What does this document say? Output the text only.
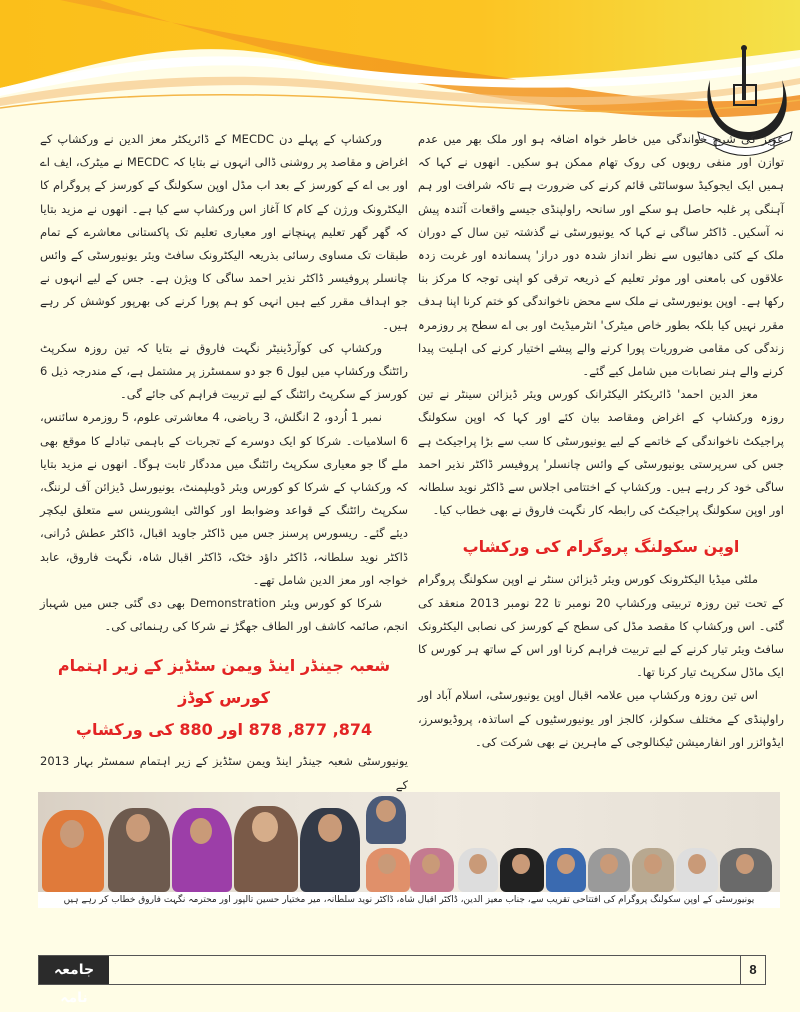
عزیز کی شرح خواندگی میں خاطر خواہ اضافہ ہو اور ملک بھر میں عدم توازن اور منفی رویوں کی روک تھام ممکن ہو سکیں۔ انھوں نے کہا کہ ہمیں ایک ایجوکیڈ سوسائٹی قائم کرنے کی ضرورت ہے تاکہ شرافت اور ہم آہنگی پر غلبہ حاصل ہو سکے اور سانحہ راولپنڈی جیسے واقعات آئندہ پیش نہ آسکیں۔ ڈاکٹر ساگی نے کہا کہ یونیورسٹی نے گذشتہ تین سال کے دوران ملک کے کئی دھائیوں سے نظر انداز شدہ دور دراز' پسماندہ اور غربت زدہ علاقوں کی بامعنی اور موثر تعلیم کے ذریعہ ترقی کو اپنی توجہ کا مرکز بنا رکھا ہے۔ اوپن یونیورسٹی نے ملک سے محض ناخواندگی کو ختم کرنا اپنا ہدف مقرر نہیں کیا بلکہ بطور خاص میٹرک' انٹرمیڈیٹ اور بی اے سطح پر روزمرہ زندگی کی مقامی ضروریات پورا کرنے والے پیشے اختیار کرنے کی اہلیت پیدا کرنے والے ہنر نصابات میں شامل کیے گئے۔

معز الدین احمد' ڈائریکٹر الیکٹرانک کورس ویئر ڈیزائن سینٹر نے تین روزہ ورکشاپ کے اغراض ومقاصد بیان کئے اور کہا کہ اوپن سکولنگ پراجیکٹ ناخواندگی کے خاتمے کے لیے یونیورسٹی کا سب سے بڑا پراجیکٹ ہے جس کی سرپرستی یونیورسٹی کے وائس چانسلر' پروفیسر ڈاکٹر نذیر احمد ساگی خود کر رہے ہیں۔ ورکشاپ کے اختتامی اجلاس سے ڈاکٹر نوید سلطانہ اور اوپن سکولنگ پراجیکٹ کی رابطہ کار نگہت فاروق نے بھی خطاب کیا۔

اوپن سکولنگ پروگرام کی ورکشاپ

ملٹی میڈیا الیکٹرونک کورس ویئر ڈیزائن سنٹر نے اوپن سکولنگ پروگرام کے تحت تین روزہ تربیتی ورکشاپ 20 نومبر تا 22 نومبر 2013 منعقد کی گئی۔ اس ورکشاپ کا مقصد مڈل کی سطح کے کورسز کی نصابی الیکٹرونک سافٹ ویئر تیار کرنے کے لیے تربیت فراہم کرنا اور اس کے ساتھ ہر کورس کا ایک ماڈل سکرپٹ تیار کرنا تھا۔

اس تین روزہ ورکشاپ میں علامہ اقبال اوپن یونیورسٹی، اسلام آباد اور راولپنڈی کے مختلف سکولز، کالجز اور یونیورسٹیوں کے اساتذہ، پروڈیوسرز، ایڈوائزر اور انفارمیشن ٹیکنالوجی کے ماہرین نے بھی شرکت کی۔

ورکشاپ کے پہلے دن MECDC کے ڈائریکٹر معز الدین نے ورکشاپ کے اغراض و مقاصد پر روشنی ڈالی انہوں نے بتایا کہ MECDC نے میٹرک، ایف اے اور بی اے کے کورسز کے بعد اب مڈل اوپن سکولنگ کے کورسز کے پروگرام کا الیکٹرونک ورژن کے کام کا آغاز اس ورکشاپ سے کیا ہے۔ انھوں نے مزید بتایا کہ گھر گھر تعلیم پہنچانے اور معیاری تعلیم تک پاکستانی معاشرے کے تمام طبقات تک مساوی رسائی بذریعہ الیکٹرونک سافٹ ویئر یونیورسٹی کے وائس چانسلر پروفیسر ڈاکٹر نذیر احمد ساگی کا ویژن ہے۔ جس کے لیے انہوں نے جو اہداف مقرر کیے ہیں انہی کو ہم پورا کرنے کی بھرپور کوشش کر رہے ہیں۔

ورکشاپ کی کوآرڈینیٹر نگہت فاروق نے بتایا کہ تین روزہ سکرپٹ رائٹنگ ورکشاپ میں لیول 6 جو دو سمسٹرز پر مشتمل ہے، کے مندرجہ ذیل 6 کورسز کے سکرپٹ رائٹنگ کے لیے تربیت فراہم کی جائے گی۔

نمبر 1 اُردو، 2 انگلش، 3 ریاضی، 4 معاشرتی علوم، 5 روزمرہ سائنس، 6 اسلامیات۔ شرکا کو ایک دوسرے کے تجربات کے باہمی تبادلے کا موقع بھی ملے گا جو معیاری سکرپٹ رائٹنگ میں مددگار ثابت ہوگا۔ انھوں نے مزید بتایا کہ ورکشاپ کے شرکا کو کورس ویئر ڈویلپمنٹ، یونیورسل ڈیزائن آف لرننگ، سکرپٹ رائٹنگ کے قواعد وضوابط اور کوالٹی ایشورینس سے متعلق لیکچر دیئے گئے۔ ریسورس پرسنز جس میں ڈاکٹر جاوید اقبال، ڈاکٹر عطش دُرانی، ڈاکٹر نوید سلطانہ، ڈاکٹر داؤد خٹک، ڈاکٹر اقبال شاہ، نگہت فاروق، عابد خواجہ اور معز الدین شامل تھے۔

شرکا کو کورس ویئر Demonstration بھی دی گئی جس میں شہباز انجم، صائمہ کاشف اور الطاف جھگڑ نے شرکا کی رہنمائی کی۔

شعبہ جینڈر اینڈ ویمن سٹڈیز کے زیر اہتمام کورس کوڈز
874, 877, 878 اور 880 کی ورکشاپ

یونیورسٹی شعبہ جینڈر اینڈ ویمن سٹڈیز کے زیر اہتمام سمسٹر بہار 2013 کے

یونیورسٹی کے اوپن سکولنگ پروگرام کی افتتاحی تقریب سے، جناب معیز الدین، ڈاکٹر اقبال شاہ، ڈاکٹر نوید سلطانہ، میر مختیار حسین تالپور اور محترمہ نگہت فاروق خطاب کر رہے ہیں
جامعہ نامہ
8
